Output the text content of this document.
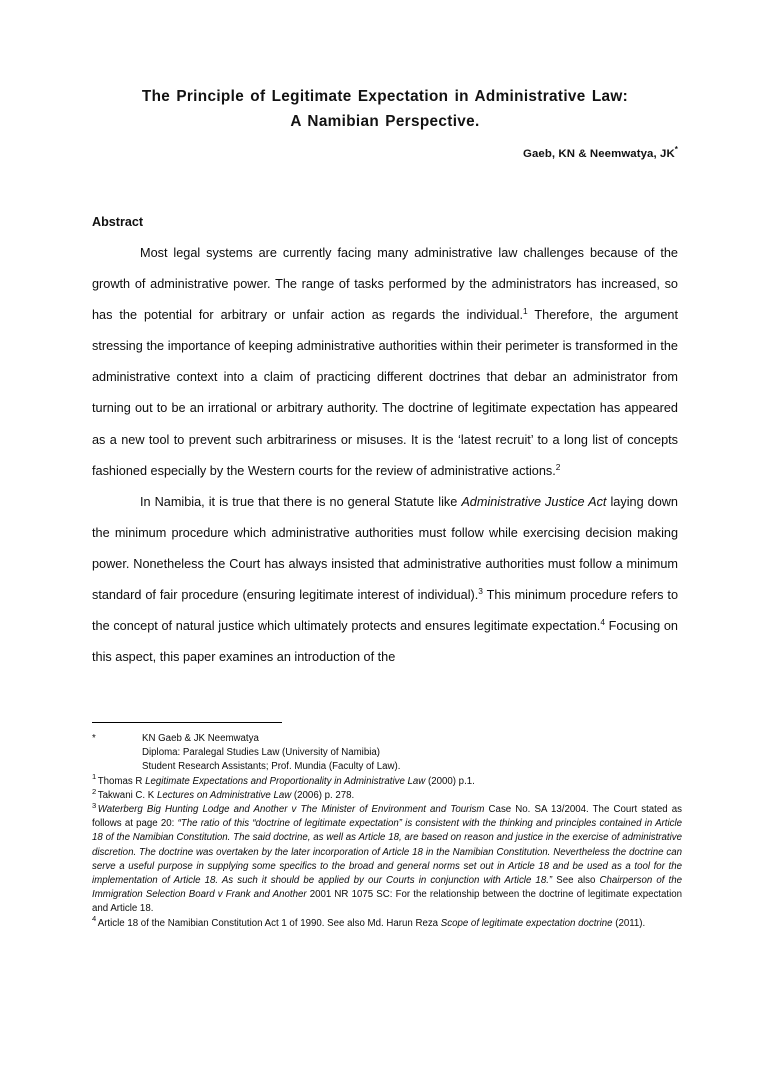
The Principle of Legitimate Expectation in Administrative Law:
A Namibian Perspective.
Gaeb, KN & Neemwatya, JK*
Abstract

Most legal systems are currently facing many administrative law challenges because of the growth of administrative power. The range of tasks performed by the administrators has increased, so has the potential for arbitrary or unfair action as regards the individual.$^1$ Therefore, the argument stressing the importance of keeping administrative authorities within their perimeter is transformed in the administrative context into a claim of practicing different doctrines that debar an administrator from turning out to be an irrational or arbitrary authority. The doctrine of legitimate expectation has appeared as a new tool to prevent such arbitrariness or misuses. It is the ‘latest recruit’ to a long list of concepts fashioned especially by the Western courts for the review of administrative actions.$^2$

In Namibia, it is true that there is no general Statute like Administrative Justice Act laying down the minimum procedure which administrative authorities must follow while exercising decision making power. Nonetheless the Court has always insisted that administrative authorities must follow a minimum standard of fair procedure (ensuring legitimate interest of individual).$^3$ This minimum procedure refers to the concept of natural justice which ultimately protects and ensures legitimate expectation.$^4$ Focusing on this aspect, this paper examines an introduction of the

*	KN Gaeb & JK Neemwatya
Diploma: Paralegal Studies Law (University of Namibia)
Student Research Assistants; Prof. Mundia (Faculty of Law).
$^1$ Thomas R Legitimate Expectations and Proportionality in Administrative Law (2000) p.1.
$^2$ Takwani C. K Lectures on Administrative Law (2006) p. 278.
$^3$ Waterberg Big Hunting Lodge and Another v The Minister of Environment and Tourism Case No. SA 13/2004. The Court stated as follows at page 20: “The ratio of this “doctrine of legitimate expectation” is consistent with the thinking and principles contained in Article 18 of the Namibian Constitution. The said doctrine, as well as Article 18, are based on reason and justice in the exercise of administrative discretion. The doctrine was overtaken by the later incorporation of Article 18 in the Namibian Constitution. Nevertheless the doctrine can serve a useful purpose in supplying some specifics to the broad and general norms set out in Article 18 and be used as a tool for the implementation of Article 18. As such it should be applied by our Courts in conjunction with Article 18.” See also Chairperson of the Immigration Selection Board v Frank and Another 2001 NR 1075 SC: For the relationship between the doctrine of legitimate expectation and Article 18.
$^4$ Article 18 of the Namibian Constitution Act 1 of 1990. See also Md. Harun Reza Scope of legitimate expectation doctrine (2011).
